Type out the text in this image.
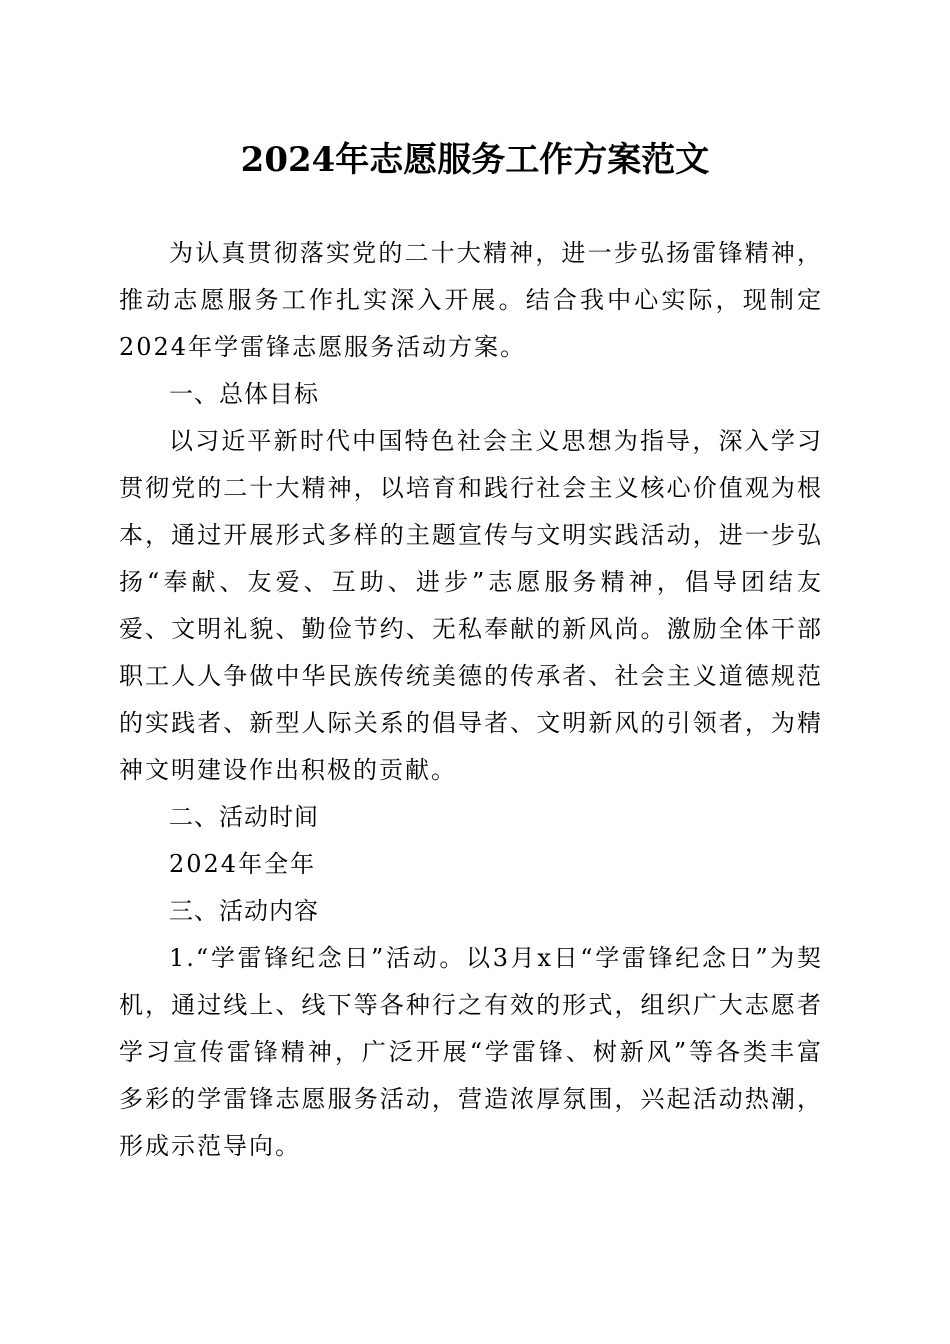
2024年志愿服务工作方案范文

为认真贯彻落实党的二十大精神，进一步弘扬雷锋精神，推动志愿服务工作扎实深入开展。结合我中心实际，现制定2024年学雷锋志愿服务活动方案。

一、总体目标

以习近平新时代中国特色社会主义思想为指导，深入学习贯彻党的二十大精神，以培育和践行社会主义核心价值观为根本，通过开展形式多样的主题宣传与文明实践活动，进一步弘扬“奉献、友爱、互助、进步”志愿服务精神，倡导团结友爱、文明礼貌、勤俭节约、无私奉献的新风尚。激励全体干部职工人人争做中华民族传统美德的传承者、社会主义道德规范的实践者、新型人际关系的倡导者、文明新风的引领者，为精神文明建设作出积极的贡献。

二、活动时间

2024年全年

三、活动内容

1.“学雷锋纪念日”活动。以3月x日“学雷锋纪念日”为契机，通过线上、线下等各种行之有效的形式，组织广大志愿者学习宣传雷锋精神，广泛开展“学雷锋、树新风”等各类丰富多彩的学雷锋志愿服务活动，营造浓厚氛围，兴起活动热潮，形成示范导向。
